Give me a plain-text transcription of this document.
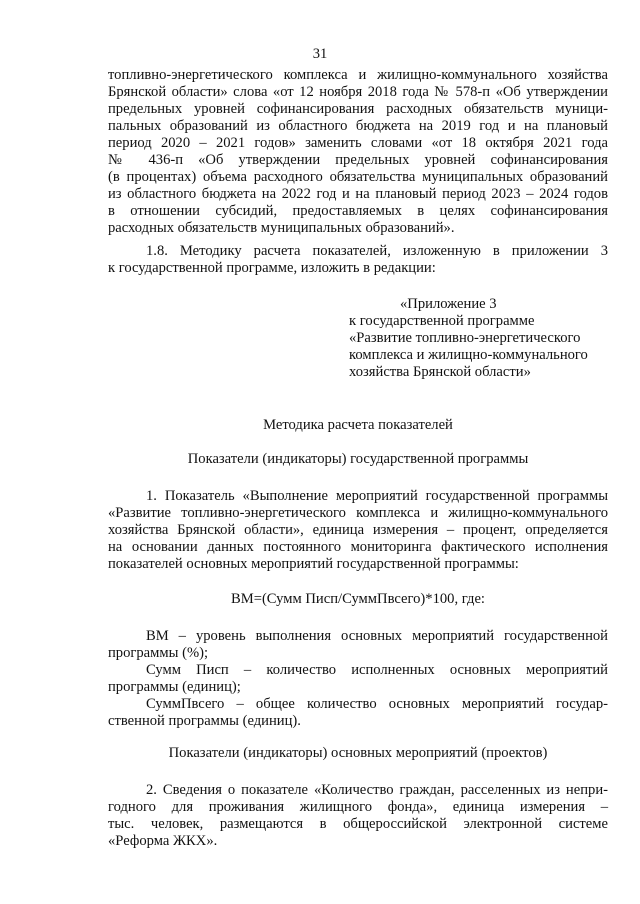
31
топливно-энергетического комплекса и жилищно-коммунального хозяйства
Брянской области» слова «от 12 ноября 2018 года № 578-п «Об утверждении
предельных уровней софинансирования расходных обязательств муници-
пальных образований из областного бюджета на 2019 год и на плановый
период 2020 – 2021 годов» заменить словами «от 18 октября 2021 года
№ 436-п «Об утверждении предельных уровней софинансирования
(в процентах) объема расходного обязательства муниципальных образований
из областного бюджета на 2022 год и на плановый период 2023 – 2024 годов
в отношении субсидий, предоставляемых в целях софинансирования
расходных обязательств муниципальных образований».
1.8. Методику расчета показателей, изложенную в приложении 3
к государственной программе, изложить в редакции:
«Приложение 3
к государственной программе
«Развитие топливно-энергетического
комплекса и жилищно-коммунального
хозяйства Брянской области»
Методика расчета показателей
Показатели (индикаторы) государственной программы
1. Показатель «Выполнение мероприятий государственной программы
«Развитие топливно-энергетического комплекса и жилищно-коммунального
хозяйства Брянской области», единица измерения – процент, определяется
на основании данных постоянного мониторинга фактического исполнения
показателей основных мероприятий государственной программы:
ВМ=(Сумм Писп/СуммПвсего)*100, где:
ВМ – уровень выполнения основных мероприятий государственной
программы (%);
Сумм Писп – количество исполненных основных мероприятий
программы (единиц);
СуммПвсего – общее количество основных мероприятий государ-
ственной программы (единиц).
Показатели (индикаторы) основных мероприятий (проектов)
2. Сведения о показателе «Количество граждан, расселенных из непри-
годного для проживания жилищного фонда», единица измерения –
тыс. человек, размещаются в общероссийской электронной системе
«Реформа ЖКХ».
